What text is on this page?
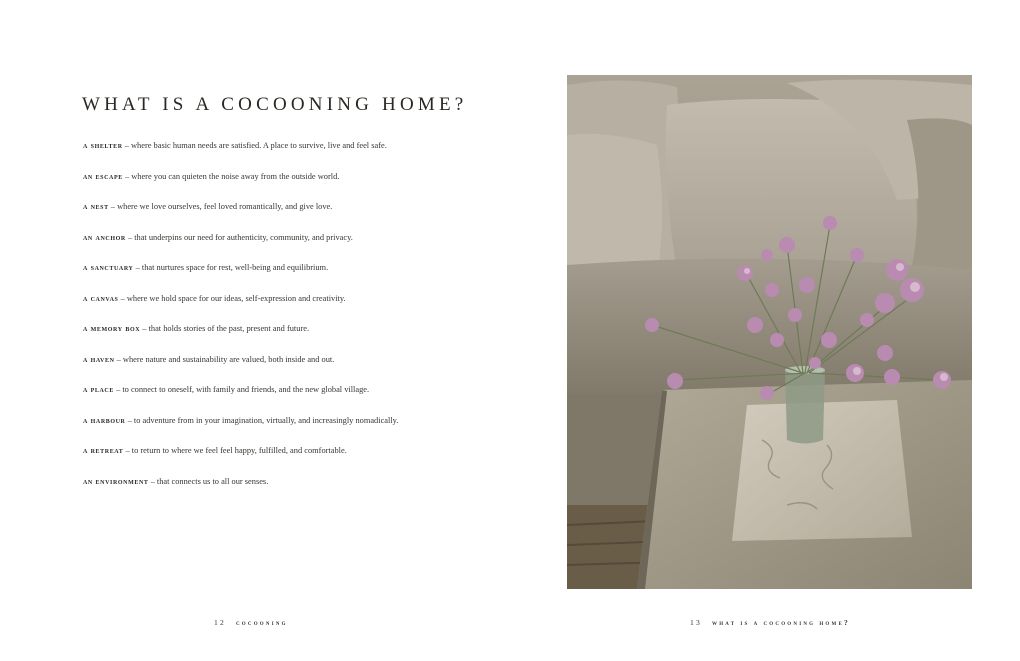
WHAT IS A COCOONING HOME?
a shelter – where basic human needs are satisfied. A place to survive, live and feel safe.
an escape – where you can quieten the noise away from the outside world.
a nest – where we love ourselves, feel loved romantically, and give love.
an anchor – that underpins our need for authenticity, community, and privacy.
a sanctuary – that nurtures space for rest, well-being and equilibrium.
a canvas – where we hold space for our ideas, self-expression and creativity.
a memory box – that holds stories of the past, present and future.
a haven – where nature and sustainability are valued, both inside and out.
a place – to connect to oneself, with family and friends, and the new global village.
a harbour – to adventure from in your imagination, virtually, and increasingly nomadically.
a retreat – to return to where we feel feel happy, fulfilled, and comfortable.
an environment – that connects us to all our senses.
12 cocooning	13 what is a cocooning home?
